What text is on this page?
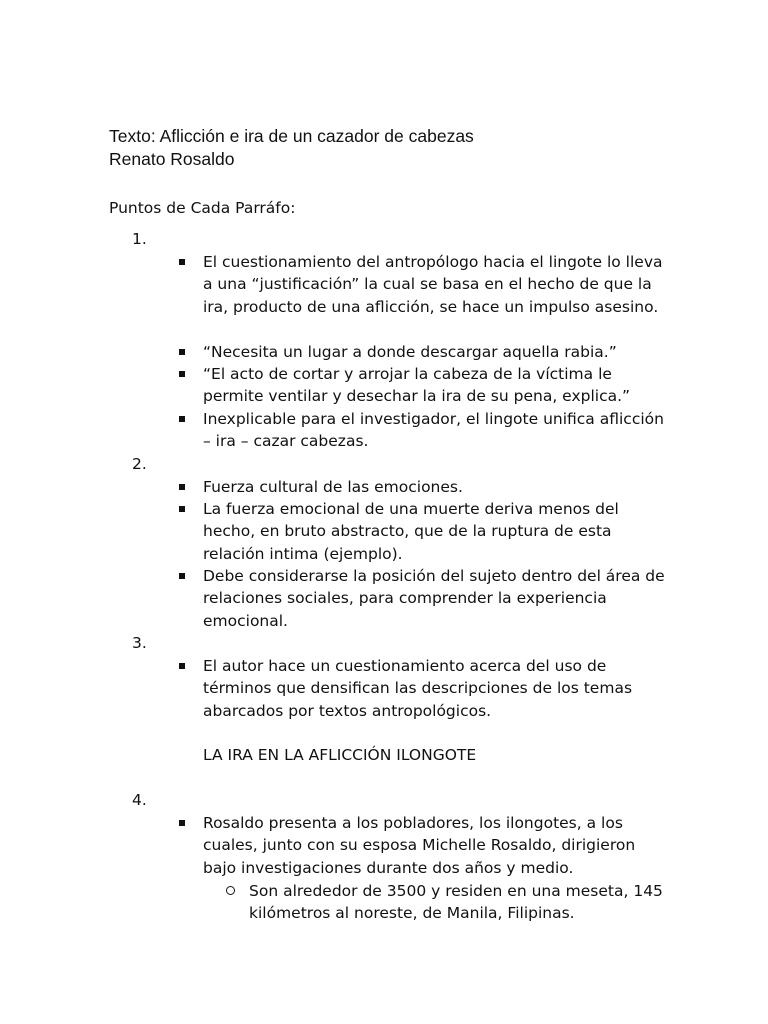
Texto: Aflicción e ira de un cazador de cabezas
Renato Rosaldo
Puntos de Cada Parráfo:
1.
El cuestionamiento del antropólogo hacia el lingote lo lleva a una “justificación” la cual se basa en el hecho de que la ira, producto de una aflicción, se hace un impulso asesino.
“Necesita un lugar a donde descargar aquella rabia.”
“El acto de cortar y arrojar la cabeza de la víctima le permite ventilar y desechar la ira de su pena, explica.”
Inexplicable para el investigador, el lingote unifica aflicción – ira – cazar cabezas.
2.
Fuerza cultural de las emociones.
La fuerza emocional de una muerte deriva menos del hecho, en bruto abstracto, que de la ruptura de esta relación intima (ejemplo).
Debe considerarse la posición del sujeto dentro del área de relaciones sociales, para comprender la experiencia emocional.
3.
El autor hace un cuestionamiento acerca del uso de términos que densifican las descripciones de los temas abarcados por textos antropológicos.
LA IRA EN LA AFLICCIÓN ILONGOTE
4.
Rosaldo presenta a los pobladores, los ilongotes, a los cuales, junto con su esposa Michelle Rosaldo, dirigieron bajo investigaciones durante dos años y medio.
Son alrededor de 3500 y residen en una meseta, 145 kilómetros al noreste, de Manila, Filipinas.
